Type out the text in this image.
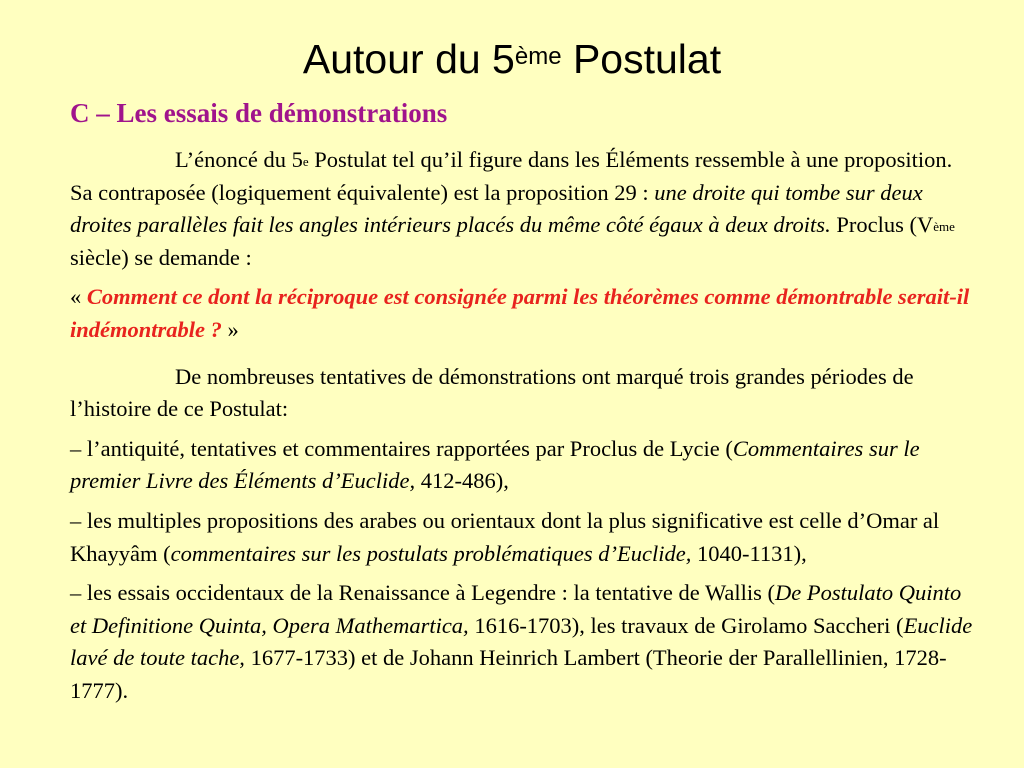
Autour du 5ème Postulat
C – Les essais de démonstrations

L’énoncé du 5e Postulat tel qu’il figure dans les Éléments ressemble à une proposition. Sa contraposée (logiquement équivalente) est la proposition 29 : une droite qui tombe sur deux droites parallèles fait les angles intérieurs placés du même côté égaux à deux droits. Proclus (Vème siècle) se demande :

« Comment ce dont la réciproque est consignée parmi les théorèmes comme démontrable serait-il indémontrable ? »

De nombreuses tentatives de démonstrations ont marqué trois grandes périodes de l’histoire de ce Postulat:

– l’antiquité, tentatives et commentaires rapportées par Proclus de Lycie (Commentaires sur le premier Livre des Éléments d’Euclide, 412-486),

– les multiples propositions des arabes ou orientaux dont la plus significative est celle d’Omar al Khayyâm (commentaires sur les postulats problématiques d’Euclide, 1040-1131),

– les essais occidentaux de la Renaissance à Legendre : la tentative de Wallis (De Postulato Quinto et Definitione Quinta, Opera Mathemartica, 1616-1703), les travaux de Girolamo Saccheri (Euclide lavé de toute tache, 1677-1733) et de Johann Heinrich Lambert (Theorie der Parallellinien, 1728-1777).
